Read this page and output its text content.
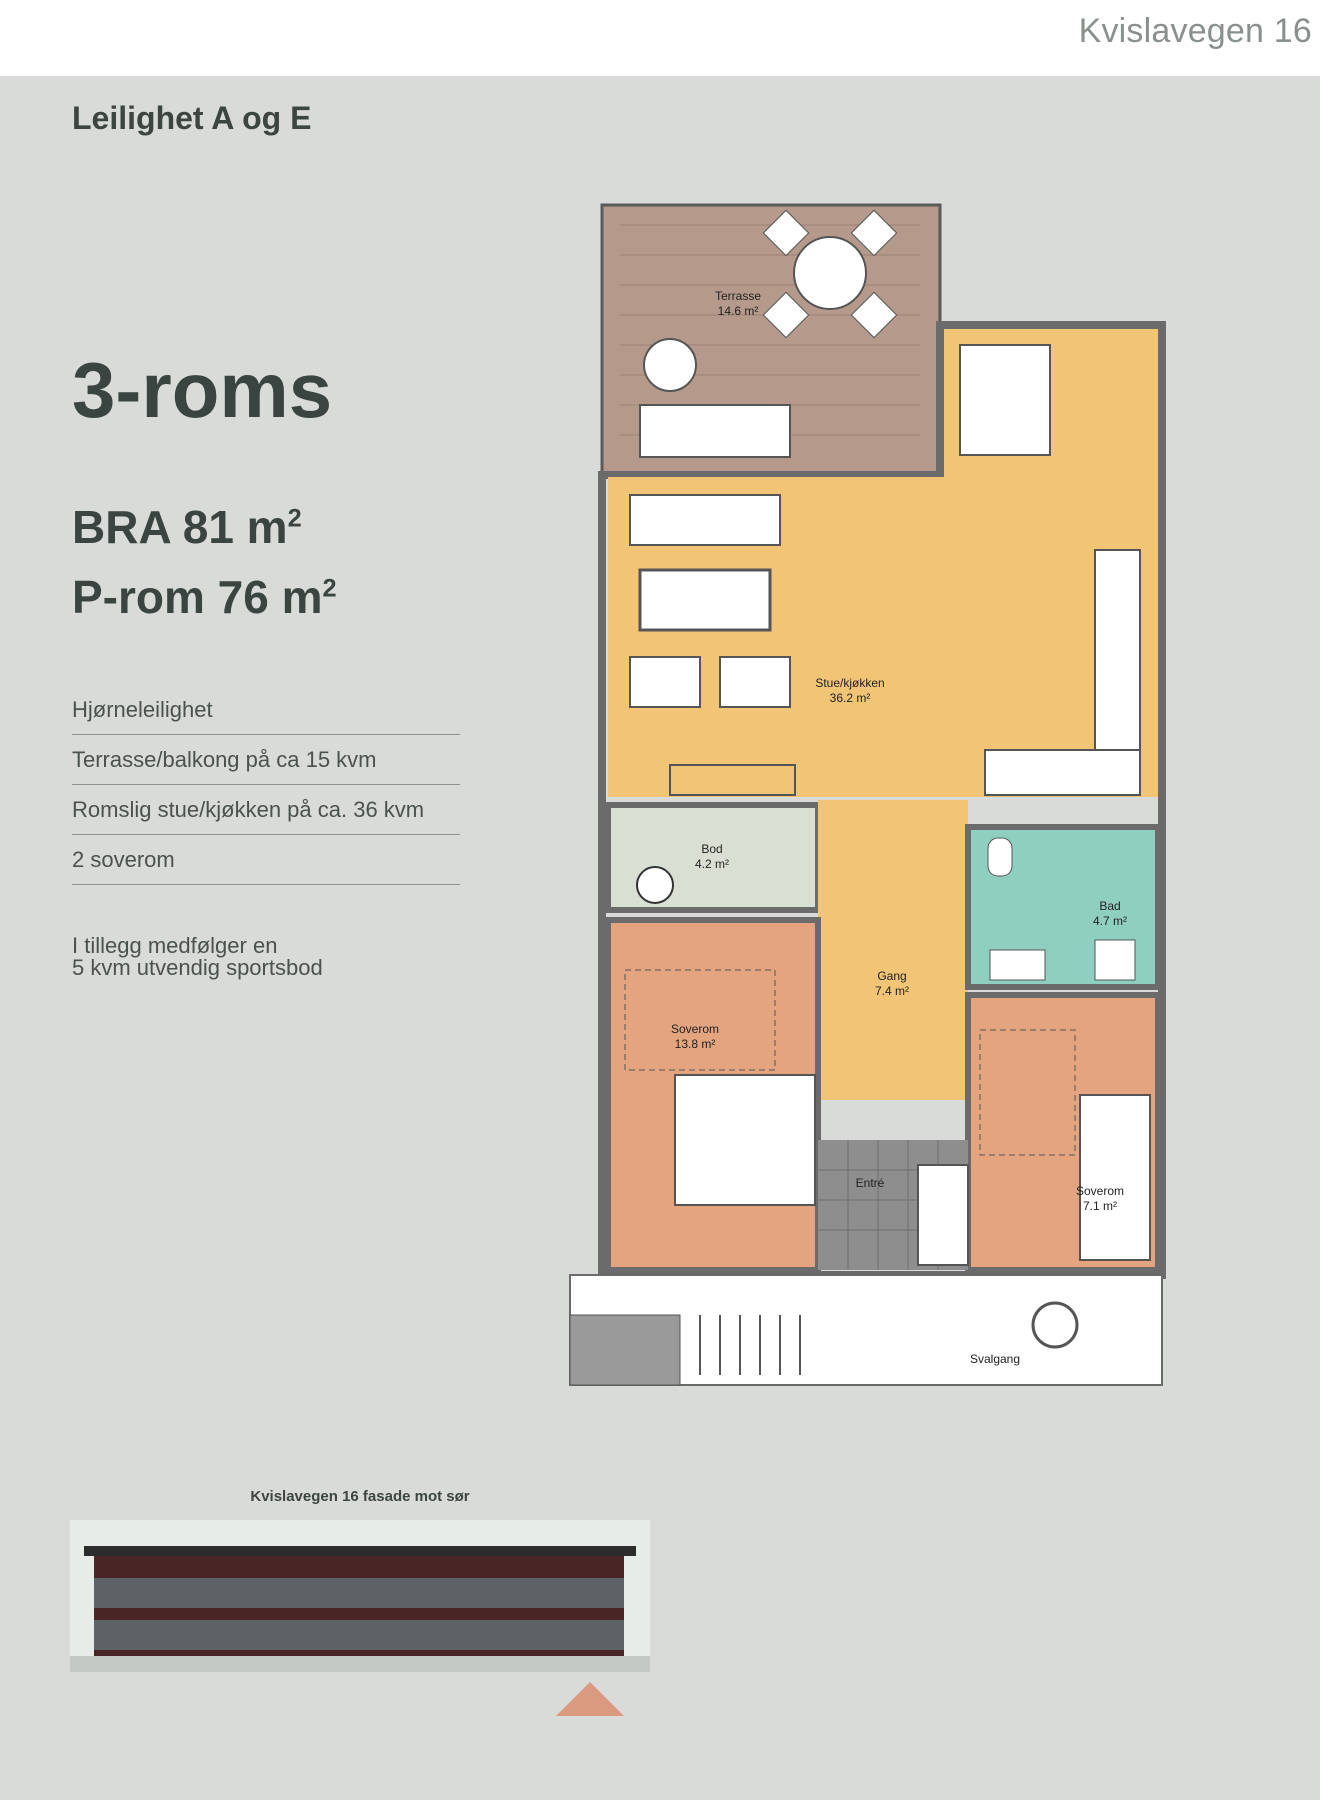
Kvislavegen 16
Leilighet A og E
3-roms
BRA 81 $m^2$
P-rom 76 $m^2$
Hjørneleilighet
Terrasse/balkong på ca 15 kvm
Romslig stue/kjøkken på ca. 36 kvm
2 soverom
I tillegg medfølger en
5 kvm utvendig sportsbod
Terrasse
14.6 m²
Stue/kjøkken
36.2 m²
Bod
4.2 m²
Gang
7.4 m²
Bad
4.7 m²
Soverom
13.8 m²
Soverom
7.1 m²
Entré
Svalgang
Kvislavegen 16 fasade mot sør
